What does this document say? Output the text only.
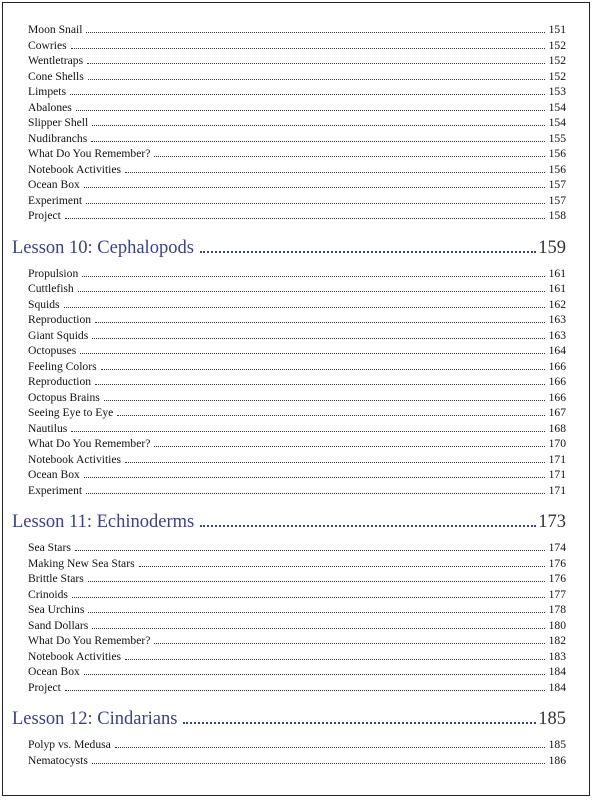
Moon Snail	151
Cowries	152
Wentletraps	152
Cone Shells	152
Limpets	153
Abalones	154
Slipper Shell	154
Nudibranchs	155
What Do You Remember?	156
Notebook Activities	156
Ocean Box	157
Experiment	157
Project	158
Lesson 10: Cephalopods	159
Propulsion	161
Cuttlefish	161
Squids	162
Reproduction	163
Giant Squids	163
Octopuses	164
Feeling Colors	166
Reproduction	166
Octopus Brains	166
Seeing Eye to Eye	167
Nautilus	168
What Do You Remember?	170
Notebook Activities	171
Ocean Box	171
Experiment	171
Lesson 11: Echinoderms	173
Sea Stars	174
Making New Sea Stars	176
Brittle Stars	176
Crinoids	177
Sea Urchins	178
Sand Dollars	180
What Do You Remember?	182
Notebook Activities	183
Ocean Box	184
Project	184
Lesson 12: Cindarians	185
Polyp vs. Medusa	185
Nematocysts	186
